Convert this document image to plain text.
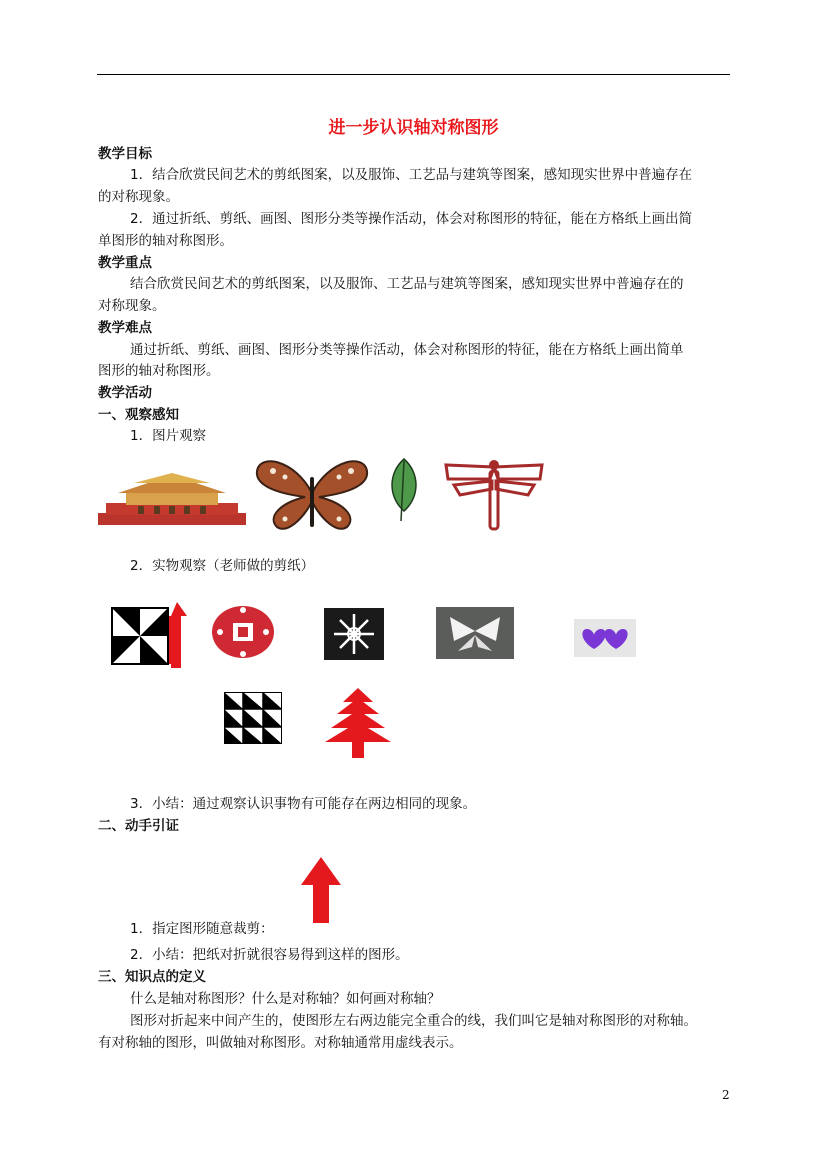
进一步认识轴对称图形
教学目标
1．结合欣赏民间艺术的剪纸图案，以及服饰、工艺品与建筑等图案，感知现实世界中普遍存在
的对称现象。
2．通过折纸、剪纸、画图、图形分类等操作活动，体会对称图形的特征，能在方格纸上画出简
单图形的轴对称图形。
教学重点
结合欣赏民间艺术的剪纸图案，以及服饰、工艺品与建筑等图案，感知现实世界中普遍存在的
对称现象。
教学难点
通过折纸、剪纸、画图、图形分类等操作活动，体会对称图形的特征，能在方格纸上画出简单
图形的轴对称图形。
教学活动
一、观察感知
1．图片观察
2．实物观察（老师做的剪纸）
3．小结：通过观察认识事物有可能存在两边相同的现象。
二、动手引证
1．指定图形随意裁剪：
2．小结：把纸对折就很容易得到这样的图形。
三、知识点的定义
什么是轴对称图形？什么是对称轴？如何画对称轴？
图形对折起来中间产生的，使图形左右两边能完全重合的线，我们叫它是轴对称图形的对称轴。
有对称轴的图形，叫做轴对称图形。对称轴通常用虚线表示。
2
